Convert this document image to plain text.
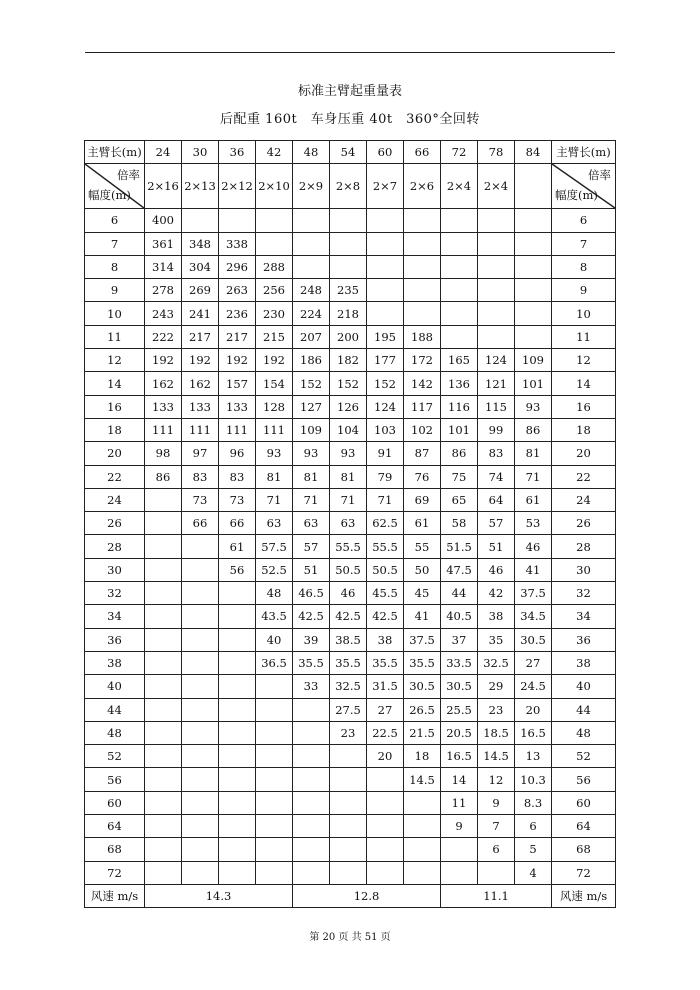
标准主臂起重量表
后配重 160t　车身压重 40t　360°全回转
主臂长(m)	24	30	36	42	48	54	60	66	72	78	84	主臂长(m)

倍率
幅度(m)	2×16	2×13	2×12	2×10	2×9	2×8	2×7	2×6	2×4	2×4		倍率
幅度(m)

6	400											6
7	361	348	338									7
8	314	304	296	288								8
9	278	269	263	256	248	235						9
10	243	241	236	230	224	218						10
11	222	217	217	215	207	200	195	188				11
12	192	192	192	192	186	182	177	172	165	124	109	12
14	162	162	157	154	152	152	152	142	136	121	101	14
16	133	133	133	128	127	126	124	117	116	115	93	16
18	111	111	111	111	109	104	103	102	101	99	86	18
20	98	97	96	93	93	93	91	87	86	83	81	20
22	86	83	83	81	81	81	79	76	75	74	71	22
24		73	73	71	71	71	71	69	65	64	61	24
26		66	66	63	63	63	62.5	61	58	57	53	26
28			61	57.5	57	55.5	55.5	55	51.5	51	46	28
30			56	52.5	51	50.5	50.5	50	47.5	46	41	30
32				48	46.5	46	45.5	45	44	42	37.5	32
34				43.5	42.5	42.5	42.5	41	40.5	38	34.5	34
36				40	39	38.5	38	37.5	37	35	30.5	36
38				36.5	35.5	35.5	35.5	35.5	33.5	32.5	27	38
40					33	32.5	31.5	30.5	30.5	29	24.5	40
44						27.5	27	26.5	25.5	23	20	44
48						23	22.5	21.5	20.5	18.5	16.5	48
52							20	18	16.5	14.5	13	52
56								14.5	14	12	10.3	56
60									11	9	8.3	60
64									9	7	6	64
68										6	5	68
72											4	72
风速 m/s	14.3				12.8				11.1			风速 m/s
第 20 页 共 51 页
